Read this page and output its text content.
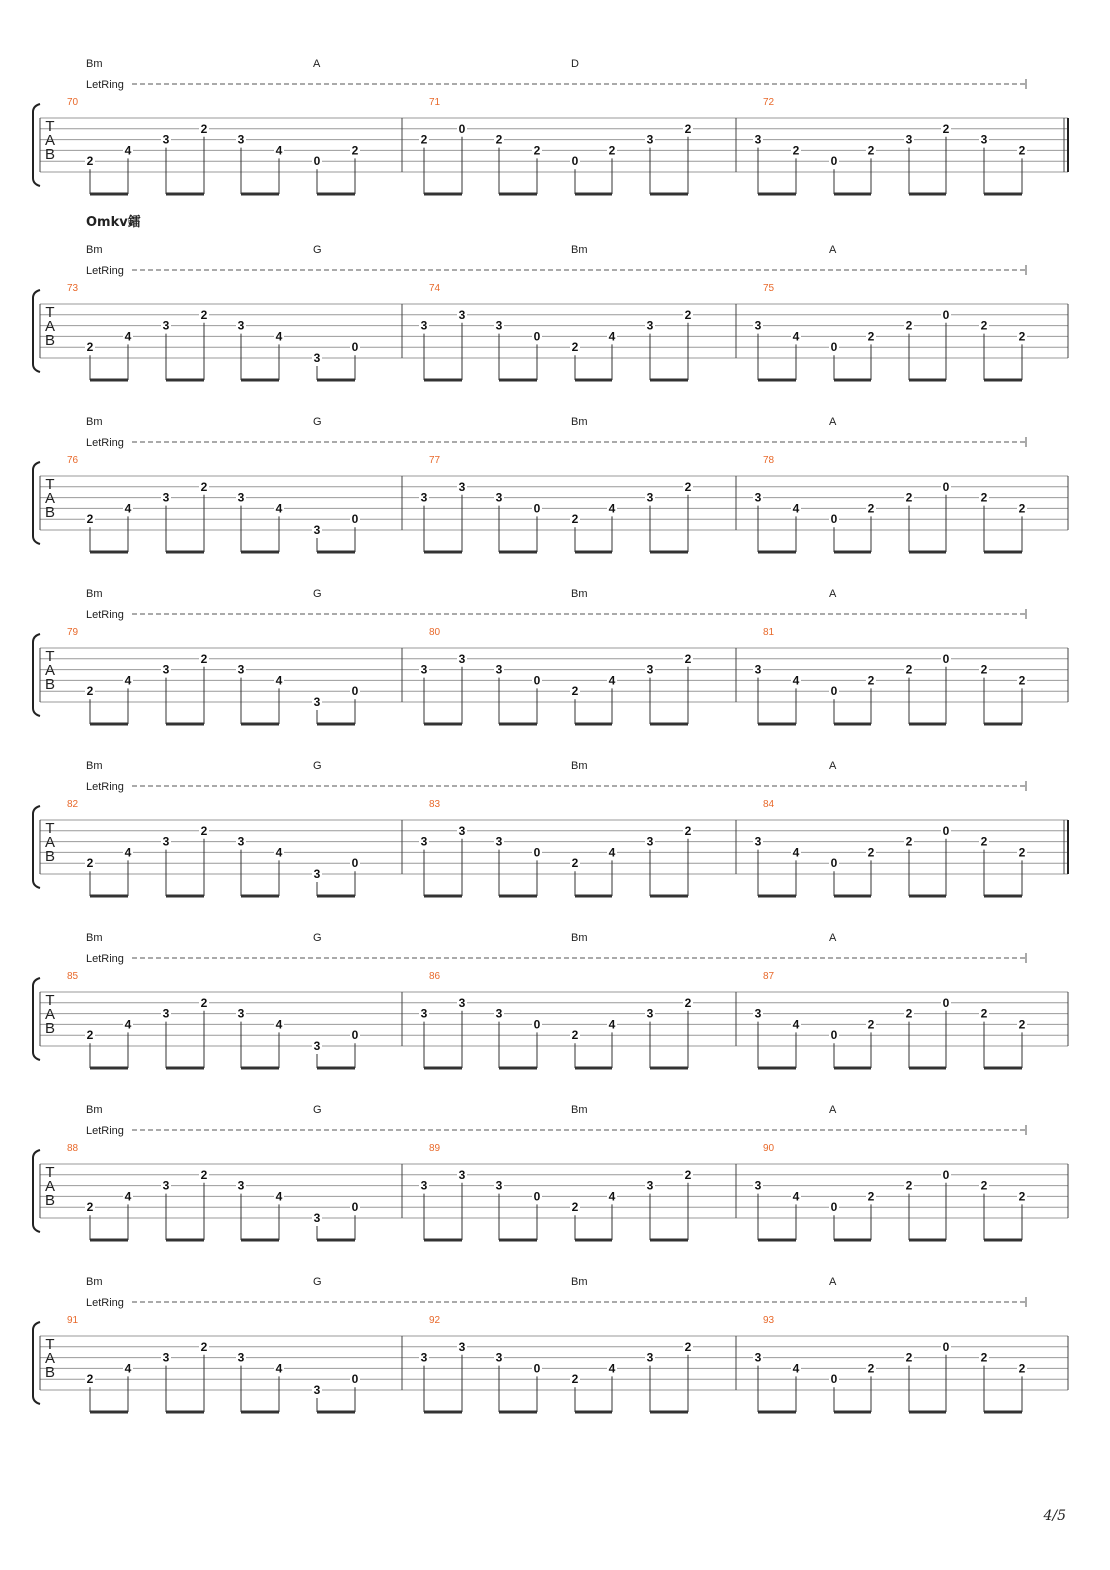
Bm	A	D
LetRing
T
A
B
70
2
4
3
2
3
4
0
2
71
2
0
2
2
0
2
3
2
72
3
2
0
2
3
2
3
2
Omkv鐳
Bm	G	Bm	A
LetRing
T
A
B
73
2
4
3
2
3
4
3
0
74
3
3
3
0
2
4
3
2
75
3
4
0
2
2
0
2
2
Bm	G	Bm	A
LetRing
T
A
B
76
2
4
3
2
3
4
3
0
77
3
3
3
0
2
4
3
2
78
3
4
0
2
2
0
2
2
Bm	G	Bm	A
LetRing
T
A
B
79
2
4
3
2
3
4
3
0
80
3
3
3
0
2
4
3
2
81
3
4
0
2
2
0
2
2
Bm	G	Bm	A
LetRing
T
A
B
82
2
4
3
2
3
4
3
0
83
3
3
3
0
2
4
3
2
84
3
4
0
2
2
0
2
2
Bm	G	Bm	A
LetRing
T
A
B
85
2
4
3
2
3
4
3
0
86
3
3
3
0
2
4
3
2
87
3
4
0
2
2
0
2
2
Bm	G	Bm	A
LetRing
T
A
B
88
2
4
3
2
3
4
3
0
89
3
3
3
0
2
4
3
2
90
3
4
0
2
2
0
2
2
Bm	G	Bm	A
LetRing
T
A
B
91
2
4
3
2
3
4
3
0
92
3
3
3
0
2
4
3
2
93
3
4
0
2
2
0
2
2
4/5
